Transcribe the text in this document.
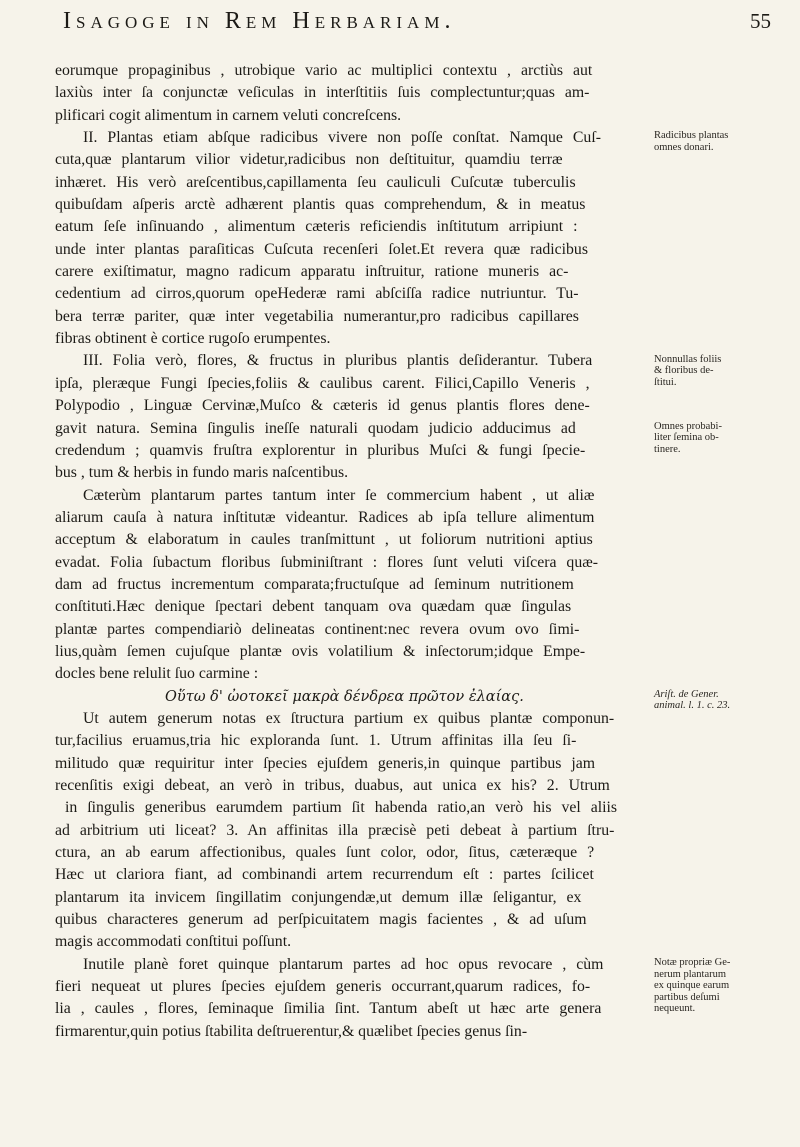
Isagoge in Rem Herbariam.	55
eorumque propaginibus , utrobique vario ac multiplici contextu , arctiùs aut
laxiùs inter ſa conjunctæ veſiculas in interſtitiis ſuis complectuntur;quas am-
plificari cogit alimentum in carnem veluti concreſcens.
II. Plantas etiam abſque radicibus vivere non poſſe conſtat. Namque Cuſ-
cuta,quæ plantarum vilior videtur,radicibus non deſtituitur, quamdiu terræ
inhæret. His verò areſcentibus,capillamenta ſeu cauliculi Cuſcutæ tuberculis
quibuſdam aſperis arctè adhærent plantis quas comprehendum, & in meatus
eatum ſeſe inſinuando , alimentum cæteris reficiendis inſtitutum arripiunt :
unde inter plantas paraſiticas Cuſcuta recenſeri ſolet.Et revera quæ radicibus
carere exiſtimatur, magno radicum apparatu inſtruitur, ratione muneris ac-
cedentium ad cirros,quorum opeHederæ rami abſciſſa radice nutriuntur. Tu-
bera terræ pariter, quæ inter vegetabilia numerantur,pro radicibus capillares
fibras obtinent è cortice rugoſo erumpentes.
III. Folia verò, flores, & fructus in pluribus plantis deſiderantur. Tubera
ipſa, pleræque Fungi ſpecies,foliis & caulibus carent. Filici,Capillo Veneris ,
Polypodio , Linguæ Cervinæ,Muſco & cæteris id genus plantis flores dene-
gavit natura. Semina ſingulis ineſſe naturali quodam judicio adducimus ad
credendum ; quamvis fruſtra explorentur in pluribus Muſci & fungi ſpecie-
bus , tum & herbis in fundo maris naſcentibus.
Cæterùm plantarum partes tantum inter ſe commercium habent , ut aliæ
aliarum cauſa à natura inſtitutæ videantur. Radices ab ipſa tellure alimentum
acceptum & elaboratum in caules tranſmittunt , ut foliorum nutritioni aptius
evadat. Folia ſubactum floribus ſubminiſtrant : flores ſunt veluti viſcera quæ-
dam ad fructus incrementum comparata;fructuſque ad ſeminum nutritionem
conſtituti.Hæc denique ſpectari debent tanquam ova quædam quæ ſingulas
plantæ partes compendiariò delineatas continent:nec revera ovum ovo ſimi-
lius,quàm ſemen cujuſque plantæ ovis volatilium & inſectorum;idque Empe-
docles bene relulit ſuo carmine :
Οὕτω δ' ὠοτοκεῖ μακρὰ δένδρεα πρῶτον ἐλαίας.
Ut autem generum notas ex ſtructura partium ex quibus plantæ componun-
tur,facilius eruamus,tria hic exploranda ſunt. 1. Utrum affinitas illa ſeu ſi-
militudo quæ requiritur inter ſpecies ejuſdem generis,in quinque partibus jam
recenſitis exigi debeat, an verò in tribus, duabus, aut unica ex his? 2. Utrum
in ſingulis generibus earumdem partium ſit habenda ratio,an verò his vel aliis
ad arbitrium uti liceat? 3. An affinitas illa præcisè peti debeat à partium ſtru-
ctura, an ab earum affectionibus, quales ſunt color, odor, ſitus, cæteræque ?
Hæc ut clariora fiant, ad combinandi artem recurrendum eſt : partes ſcilicet
plantarum ita invicem ſingillatim conjungendæ,ut demum illæ ſeligantur, ex
quibus characteres generum ad perſpicuitatem magis facientes , & ad uſum
magis accommodati conſtitui poſſunt.
Inutile planè foret quinque plantarum partes ad hoc opus revocare , cùm
fieri nequeat ut plures ſpecies ejuſdem generis occurrant,quarum radices, fo-
lia , caules , flores, ſeminaque ſimilia ſint. Tantum abeſt ut hæc arte genera
firmarentur,quin potius ſtabilita deſtruerentur,& quælibet ſpecies genus ſin-
Radicibus plantas
omnes donari.
Nonnullas foliis
& floribus de-
ſtitui.
Omnes probabi-
liter ſemina ob-
tinere.
Ariſt. de Gener.
animal. l. 1. c. 23.
Notæ propriæ Ge-
nerum plantarum
ex quinque earum
partibus deſumi
nequeunt.
